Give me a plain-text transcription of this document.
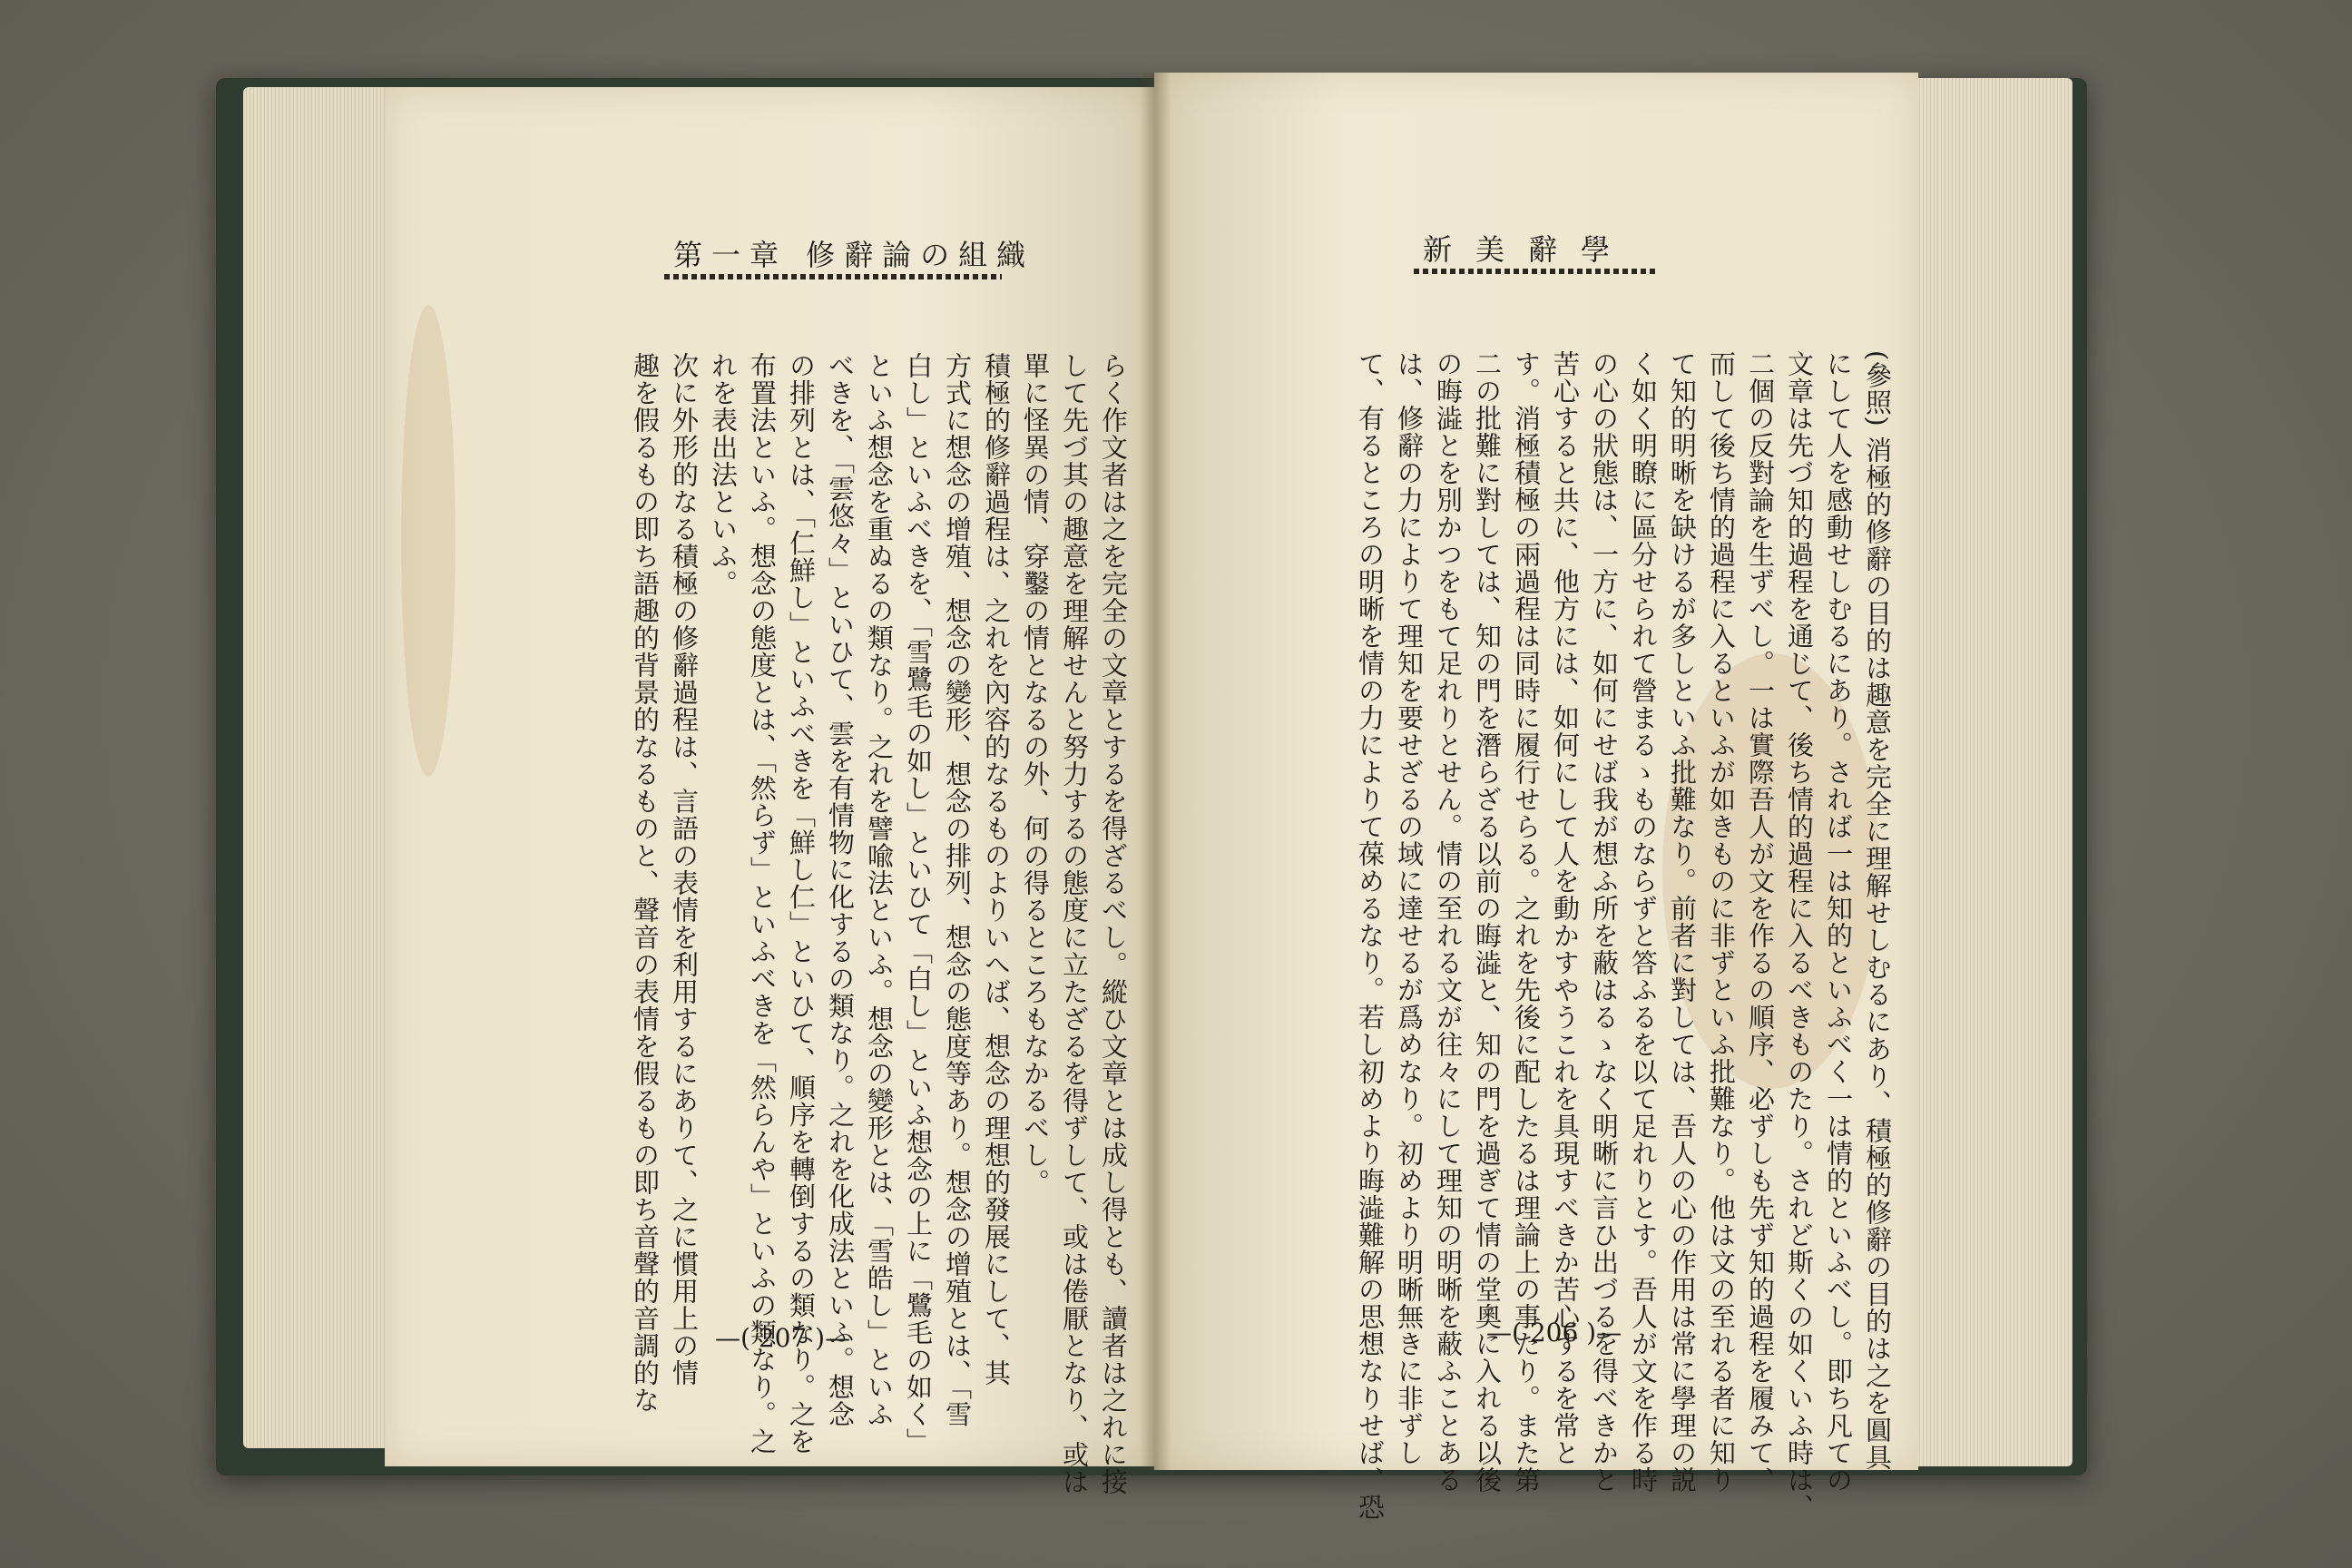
第一章 修辭論の組織
らく作文者は之を完全の文章とするを得ざるべし。縱ひ文章とは成し得とも、讀者は之れに接
して先づ其の趣意を理解せんと努力するの態度に立たざるを得ずして、或は倦厭となり、或は
單に怪異の情、穿鑿の情となるの外、何の得るところもなかるべし。
積極的修辭過程は、之れを內容的なるものよりいへば、想念の理想的發展にして、其
方式に想念の增殖、想念の變形、想念の排列、想念の態度等あり。想念の增殖とは、「雪
白し」といふべきを、「雪鷺毛の如し」といひて「白し」といふ想念の上に「鷺毛の如く」
といふ想念を重ぬるの類なり。之れを譬喩法といふ。想念の變形とは、「雪皓し」といふ
べきを、「雲悠々」といひて、雲を有情物に化するの類なり。之れを化成法といふ。想念
の排列とは、「仁鮮し」といふべきを「鮮し仁」といひて、順序を轉倒するの類なり。之を
布置法といふ。想念の態度とは、「然らず」といふべきを「然らんや」といふの類なり。之
れを表出法といふ。
次に外形的なる積極の修辭過程は、言語の表情を利用するにありて、之に慣用上の情
趣を假るもの即ち語趣的背景的なるものと、聲音の表情を假るもの即ち音聲的音調的な —( 207 )—
新美辭學
(參照) 消極的修辭の目的は趣意を完全に理解せしむるにあり、積極的修辭の目的は之を圓具
にして人を感動せしむるにあり。されば一は知的といふべく一は情的といふべし。即ち凡ての
文章は先づ知的過程を通じて、後ち情的過程に入るべきものたり。されど斯くの如くいふ時は、
二個の反對論を生ずべし。一は實際吾人が文を作るの順序、必ずしも先ず知的過程を履みて、
而して後ち情的過程に入るといふが如きものに非ずといふ批難なり。他は文の至れる者に知り
て知的明晰を缺けるが多しといふ批難なり。前者に對しては、吾人の心の作用は常に學理の説
く如く明瞭に區分せられて營まるゝものならずと答ふるを以て足れりとす。吾人が文を作る時
の心の狀態は、一方に、如何にせば我が想ふ所を蔽はるゝなく明晰に言ひ出づるを得べきかと
苦心すると共に、他方には、如何にして人を動かすやうこれを具現すべきか苦心するを常と
す。消極積極の兩過程は同時に履行せらる。之れを先後に配したるは理論上の事たり。また第
二の批難に對しては、知の門を潛らざる以前の晦澁と、知の門を過ぎて情の堂奧に入れる以後
の晦澁とを別かつをもて足れりとせん。情の至れる文が往々にして理知の明晰を蔽ふことある
は、修辭の力によりて理知を要せざるの域に達せるが爲めなり。初めより明晰無きに非ずし
て、有るところの明晰を情の力によりて葆めるなり。若し初めより晦澁難解の思想なりせば、恐	—( 206 )—
